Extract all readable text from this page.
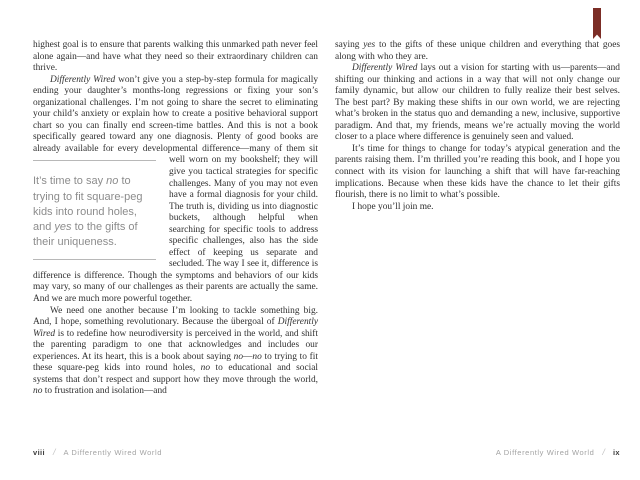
highest goal is to ensure that parents walking this unmarked path never feel alone again—and have what they need so their extraordinary children can thrive.

Differently Wired won’t give you a step-by-step formula for magically ending your daughter’s months-long regressions or fixing your son’s organizational challenges. I’m not going to share the secret to eliminating your child’s anxiety or explain how to create a positive behavioral support chart so you can finally end screen-time battles. And this is not a book specifically geared toward any one diagnosis. Plenty of good books are already available for every developmental
It’s time to say no to trying to fit square-peg kids into round holes, and yes to the gifts of their uniqueness.
difference—many of them sit well worn on my bookshelf; they will give you tactical strategies for specific challenges. Many of you may not even have a formal diagnosis for your child. The truth is, dividing us into diagnostic buckets, although helpful when searching for specific tools to address specific challenges, also has the side effect of keeping us separate and secluded. The way I see it, difference is difference is difference. Though the symptoms and behaviors of our kids may vary, so many of our challenges as their parents are actually the same. And we are much more powerful together.

We need one another because I’m looking to tackle something big. And, I hope, something revolutionary. Because the übergoal of Differently Wired is to redefine how neurodiversity is perceived in the world, and shift the parenting paradigm to one that acknowledges and includes our experiences. At its heart, this is a book about saying no—no to trying to fit these square-peg kids into round holes, no to educational and social systems that don’t respect and support how they move through the world, no to frustration and isolation—and

viii / A Differently Wired World

saying yes to the gifts of these unique children and everything that goes along with who they are.

Differently Wired lays out a vision for starting with us—parents—and shifting our thinking and actions in a way that will not only change our family dynamic, but allow our children to fully realize their best selves. The best part? By making these shifts in our own world, we are rejecting what’s broken in the status quo and demanding a new, inclusive, supportive paradigm. And that, my friends, means we’re actually moving the world closer to a place where difference is genuinely seen and valued.

It’s time for things to change for today’s atypical generation and the parents raising them. I’m thrilled you’re reading this book, and I hope you connect with its vision for launching a shift that will have far-reaching implications. Because when these kids have the chance to let their gifts flourish, there is no limit to what’s possible.

I hope you’ll join me.

A Differently Wired World / ix
